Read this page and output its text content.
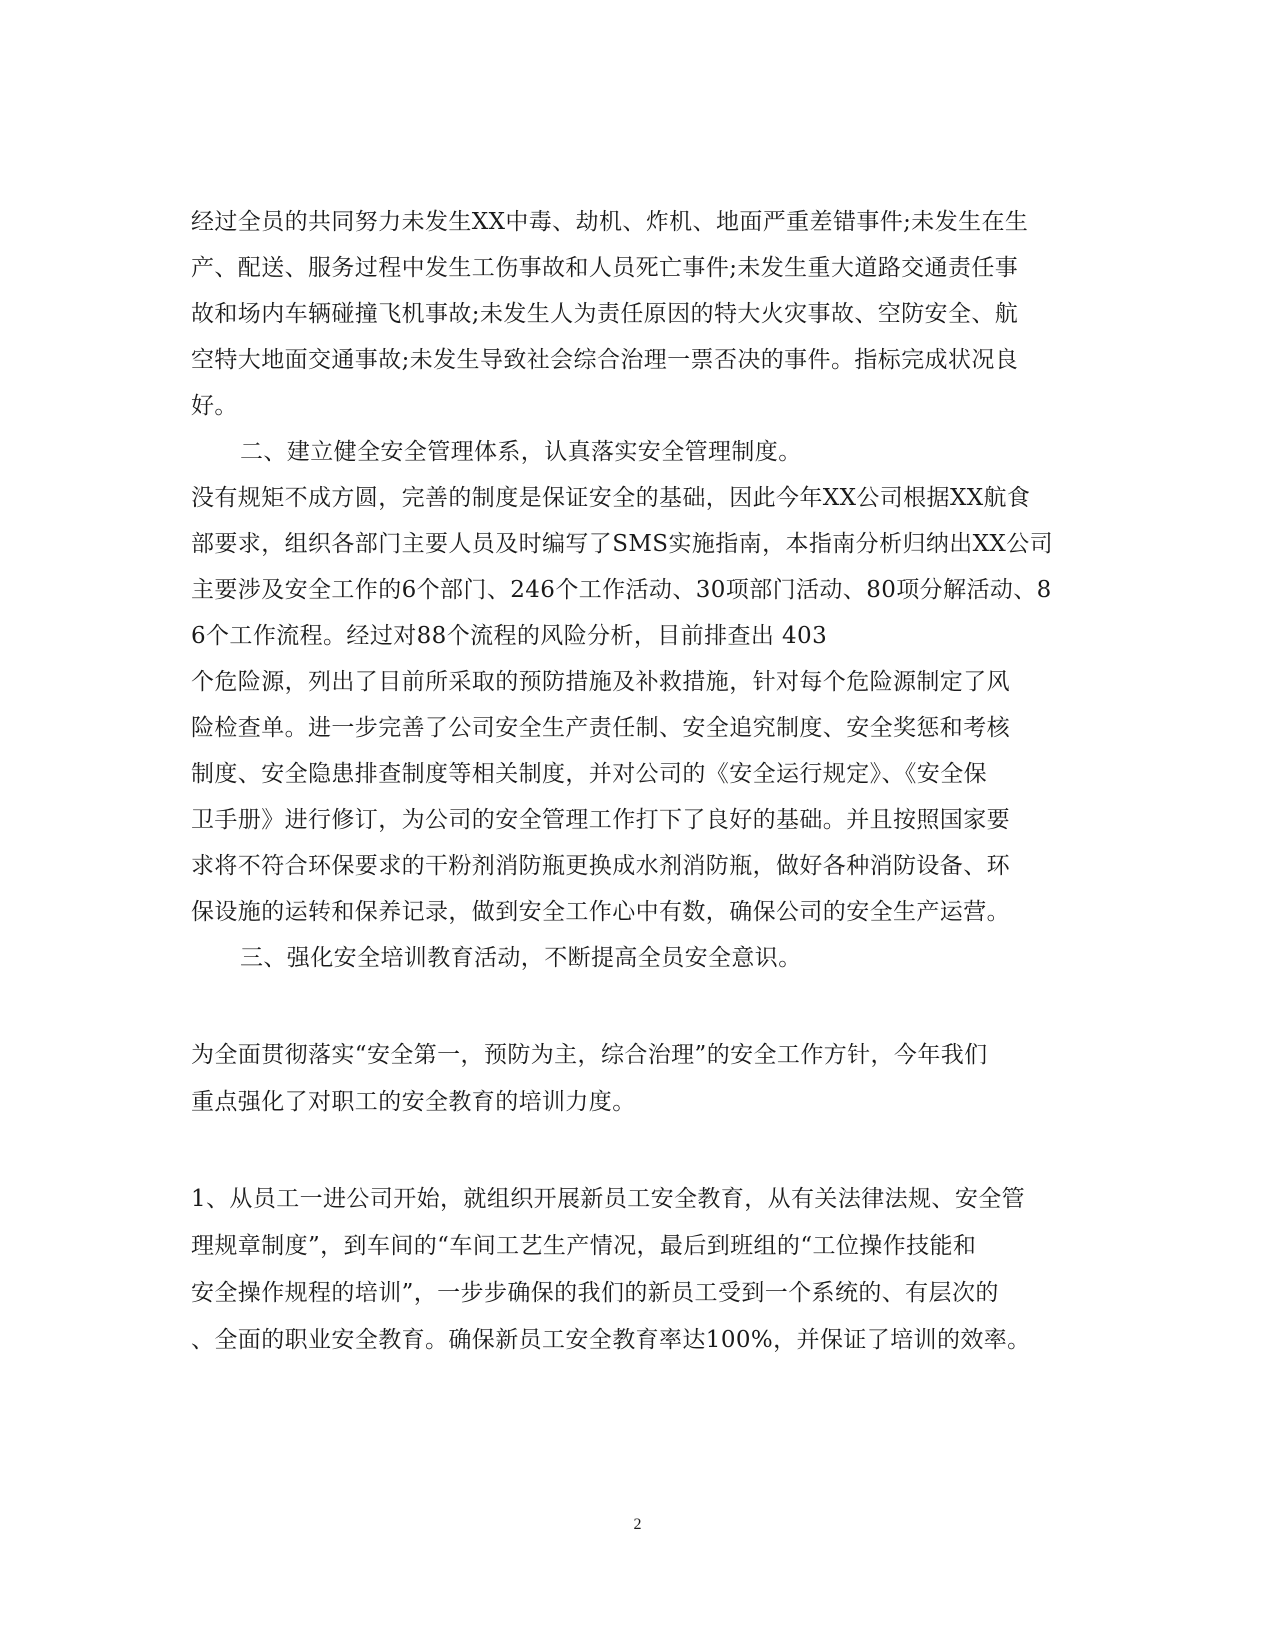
经过全员的共同努力未发生XX中毒、劫机、炸机、地面严重差错事件;未发生在生
产、配送、服务过程中发生工伤事故和人员死亡事件;未发生重大道路交通责任事
故和场内车辆碰撞飞机事故;未发生人为责任原因的特大火灾事故、空防安全、航
空特大地面交通事故;未发生导致社会综合治理一票否决的事件。指标完成状况良
好。
二、建立健全安全管理体系，认真落实安全管理制度。
没有规矩不成方圆，完善的制度是保证安全的基础，因此今年XX公司根据XX航食
部要求，组织各部门主要人员及时编写了SMS实施指南，本指南分析归纳出XX公司
主要涉及安全工作的6个部门、246个工作活动、30项部门活动、80项分解活动、8
6个工作流程。经过对88个流程的风险分析，目前排查出 403
个危险源，列出了目前所采取的预防措施及补救措施，针对每个危险源制定了风
险检查单。进一步完善了公司安全生产责任制、安全追究制度、安全奖惩和考核
制度、安全隐患排查制度等相关制度，并对公司的《安全运行规定》、《安全保
卫手册》进行修订，为公司的安全管理工作打下了良好的基础。并且按照国家要
求将不符合环保要求的干粉剂消防瓶更换成水剂消防瓶，做好各种消防设备、环
保设施的运转和保养记录，做到安全工作心中有数，确保公司的安全生产运营。
三、强化安全培训教育活动，不断提高全员安全意识。
为全面贯彻落实“安全第一，预防为主，综合治理”的安全工作方针，今年我们
重点强化了对职工的安全教育的培训力度。
1、从员工一进公司开始，就组织开展新员工安全教育，从有关法律法规、安全管
理规章制度”，到车间的“车间工艺生产情况，最后到班组的“工位操作技能和
安全操作规程的培训”，一步步确保的我们的新员工受到一个系统的、有层次的
、全面的职业安全教育。确保新员工安全教育率达100%，并保证了培训的效率。
2
